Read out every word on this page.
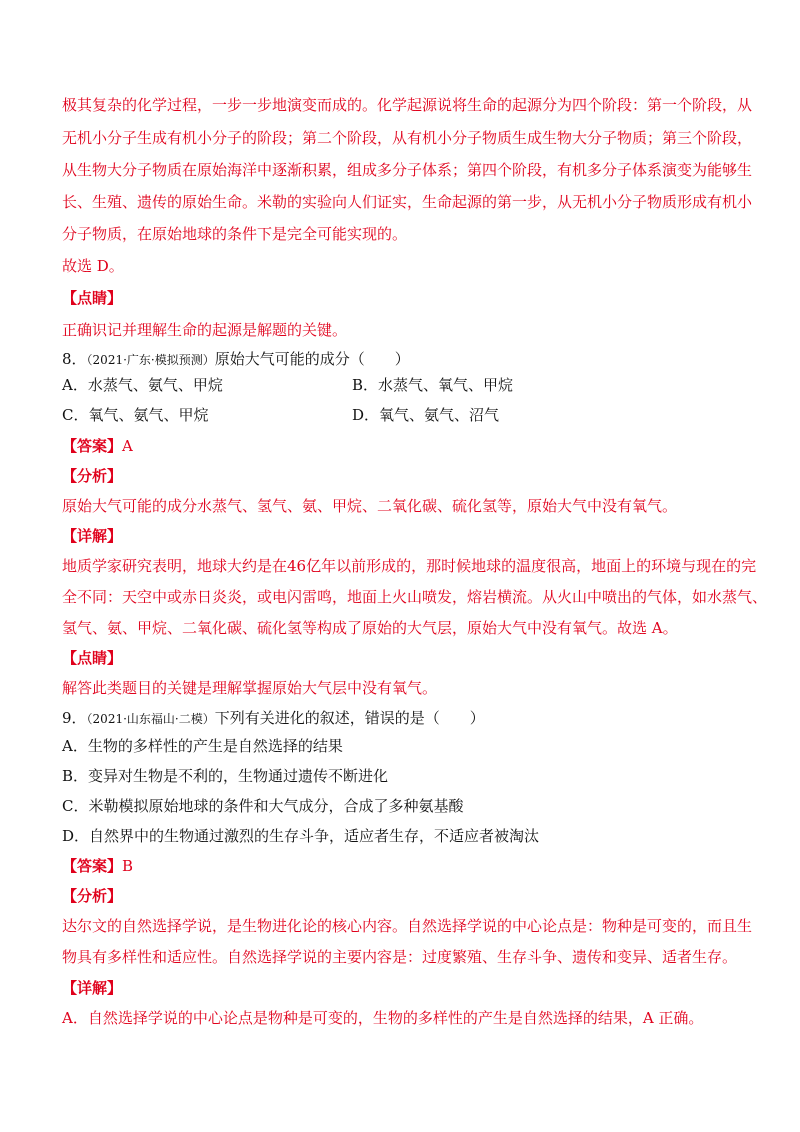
极其复杂的化学过程，一步一步地演变而成的。化学起源说将生命的起源分为四个阶段：第一个阶段，从
无机小分子生成有机小分子的阶段；第二个阶段，从有机小分子物质生成生物大分子物质；第三个阶段，
从生物大分子物质在原始海洋中逐渐积累，组成多分子体系；第四个阶段，有机多分子体系演变为能够生
长、生殖、遗传的原始生命。米勒的实验向人们证实，生命起源的第一步，从无机小分子物质形成有机小
分子物质，在原始地球的条件下是完全可能实现的。
故选 D。
【点睛】
正确识记并理解生命的起源是解题的关键。
8．（2021·广东·模拟预测）原始大气可能的成分（　　）
A．水蒸气、氨气、甲烷	B．水蒸气、氧气、甲烷
C．氧气、氨气、甲烷	D．氧气、氨气、沼气
【答案】A
【分析】
原始大气可能的成分水蒸气、氢气、氨、甲烷、二氧化碳、硫化氢等，原始大气中没有氧气。
【详解】
地质学家研究表明，地球大约是在46亿年以前形成的，那时候地球的温度很高，地面上的环境与现在的完
全不同：天空中或赤日炎炎，或电闪雷鸣，地面上火山喷发，熔岩横流。从火山中喷出的气体，如水蒸气、
氢气、氨、甲烷、二氧化碳、硫化氢等构成了原始的大气层，原始大气中没有氧气。故选 A。
【点睛】
解答此类题目的关键是理解掌握原始大气层中没有氧气。
9．（2021·山东福山·二模）下列有关进化的叙述，错误的是（　　）
A．生物的多样性的产生是自然选择的结果
B．变异对生物是不利的，生物通过遗传不断进化
C．米勒模拟原始地球的条件和大气成分，合成了多种氨基酸
D．自然界中的生物通过激烈的生存斗争，适应者生存，不适应者被淘汰
【答案】B
【分析】
达尔文的自然选择学说，是生物进化论的核心内容。自然选择学说的中心论点是：物种是可变的，而且生
物具有多样性和适应性。自然选择学说的主要内容是：过度繁殖、生存斗争、遗传和变异、适者生存。
【详解】
A．自然选择学说的中心论点是物种是可变的，生物的多样性的产生是自然选择的结果，A 正确。
